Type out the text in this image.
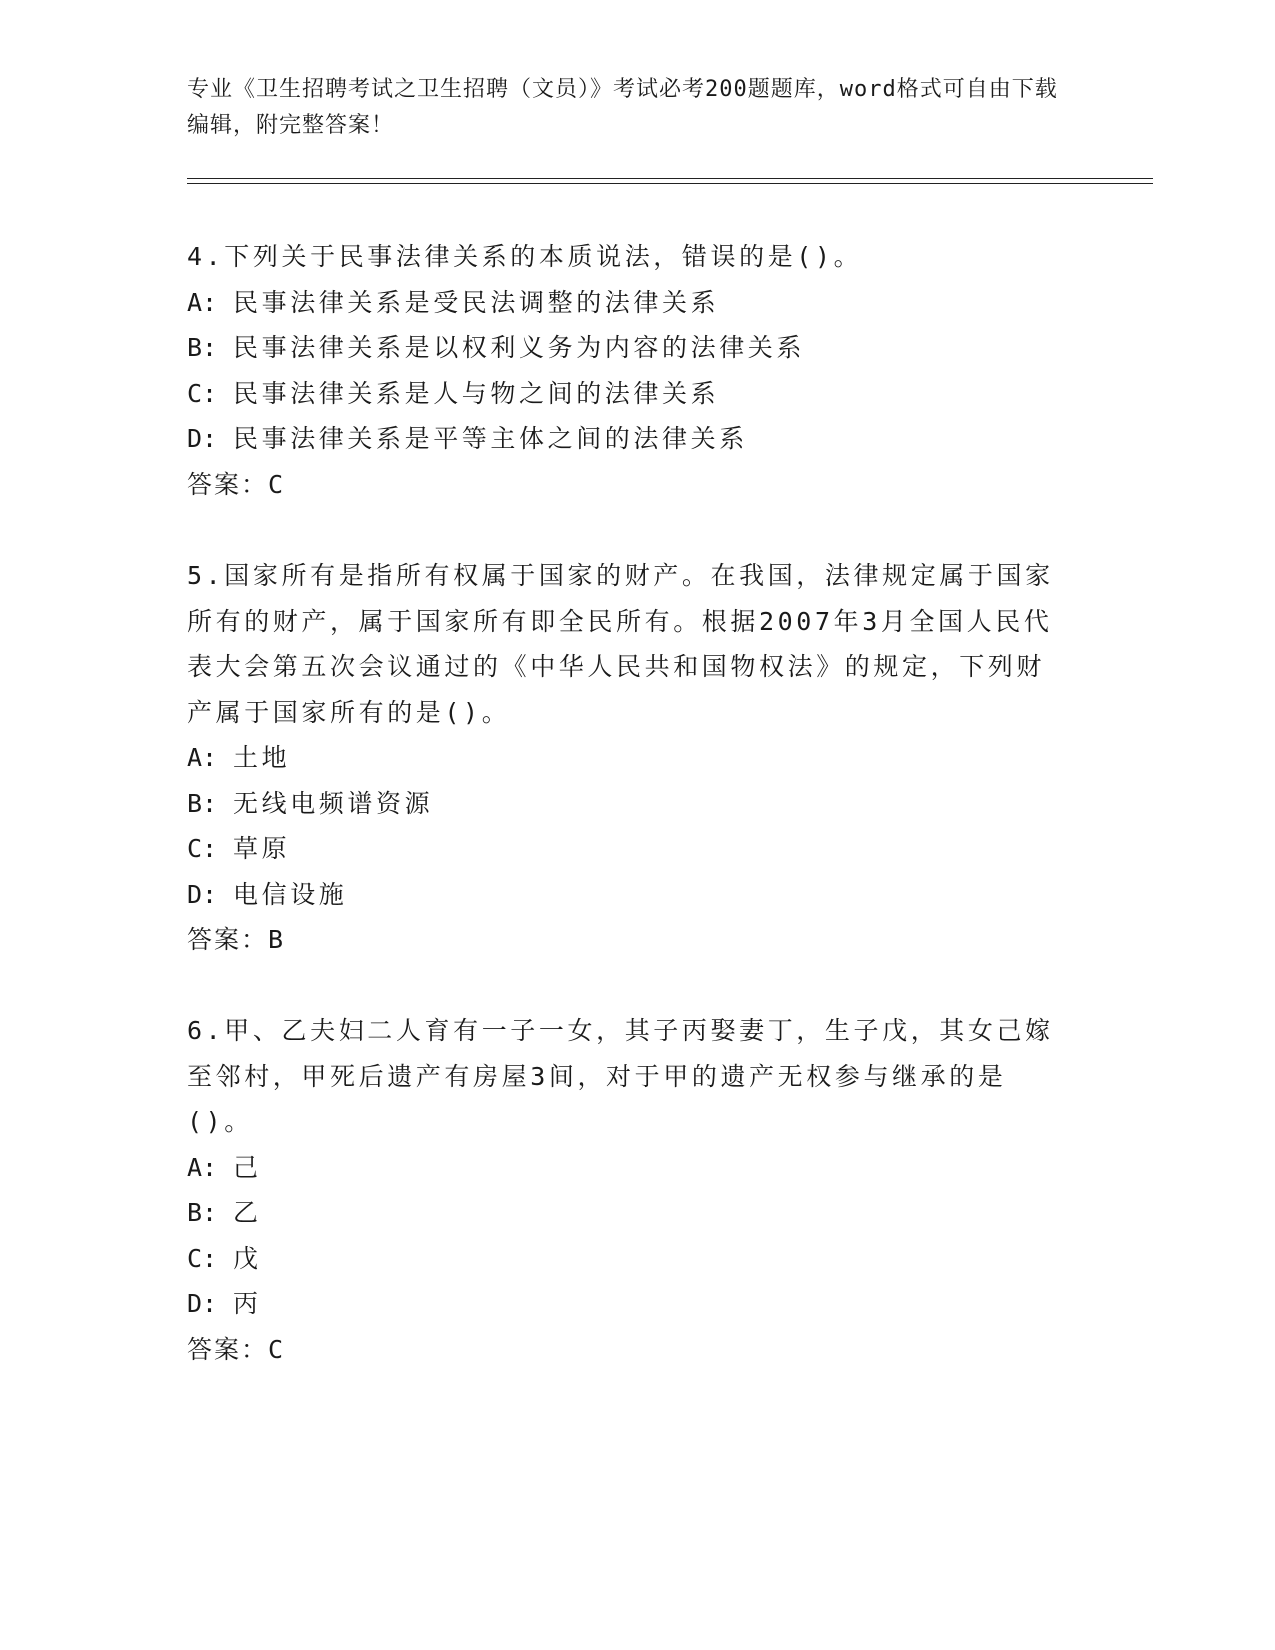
专业《卫生招聘考试之卫生招聘（文员）》考试必考200题题库，word格式可自由下载编辑，附完整答案！
4.下列关于民事法律关系的本质说法，错误的是()。
A: 民事法律关系是受民法调整的法律关系
B: 民事法律关系是以权利义务为内容的法律关系
C: 民事法律关系是人与物之间的法律关系
D: 民事法律关系是平等主体之间的法律关系
答案：C
5.国家所有是指所有权属于国家的财产。在我国，法律规定属于国家所有的财产，属于国家所有即全民所有。根据2007年3月全国人民代表大会第五次会议通过的《中华人民共和国物权法》的规定，下列财产属于国家所有的是()。
A: 土地
B: 无线电频谱资源
C: 草原
D: 电信设施
答案：B
6.甲、乙夫妇二人育有一子一女，其子丙娶妻丁，生子戊，其女己嫁至邻村，甲死后遗产有房屋3间，对于甲的遗产无权参与继承的是()。
A: 己
B: 乙
C: 戊
D: 丙
答案：C
